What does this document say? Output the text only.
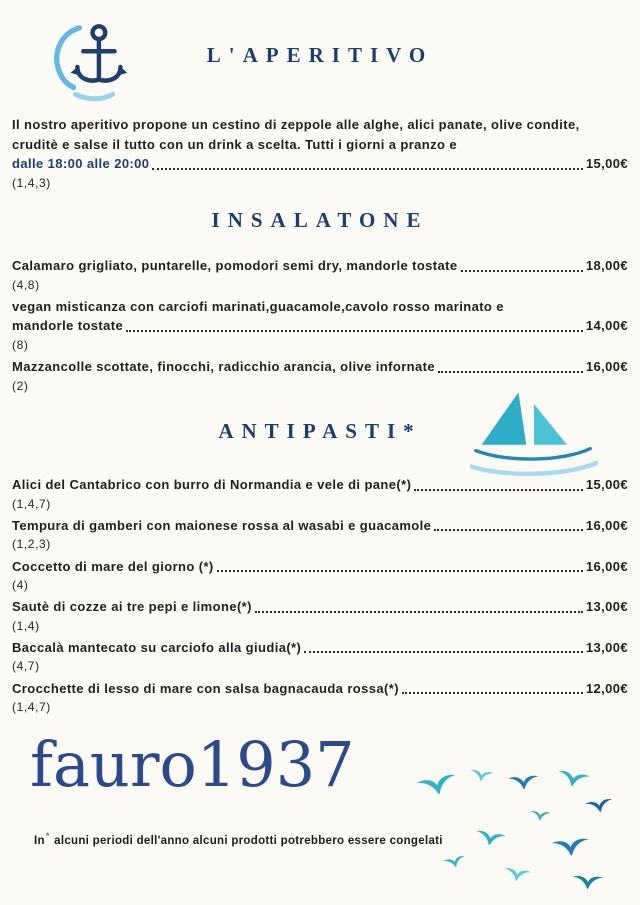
L'APERITIVO
Il nostro aperitivo propone un cestino di zeppole alle alghe, alici panate, olive condite, cruditè e salse il tutto con un drink a scelta. Tutti i giorni a pranzo e
dalle 18:00 alle 20:00	15,00€
(1,4,3)
INSALATONE
Calamaro grigliato, puntarelle, pomodori semi dry, mandorle tostate	18,00€
(4,8)
vegan misticanza con carciofi marinati,guacamole,cavolo rosso marinato e
mandorle tostate	14,00€
(8)
Mazzancolle scottate, finocchi, radicchio arancia, olive infornate	16,00€
(2)
ANTIPASTI*
Alici del Cantabrico con burro di Normandia e vele di pane(*)	15,00€
(1,4,7)
Tempura di gamberi con maionese rossa al wasabi e guacamole	16,00€
(1,2,3)
Coccetto di mare del giorno (*)	16,00€
(4)
Sautè di cozze ai tre pepi e limone(*)	13,00€
(1,4)
Baccalà mantecato su carciofo alla giudia(*)	13,00€
(4,7)
Crocchette di lesso di mare con salsa bagnacauda rossa(*)	12,00€
(1,4,7)
fauro1937
In* alcuni periodi dell'anno alcuni prodotti potrebbero essere congelati
